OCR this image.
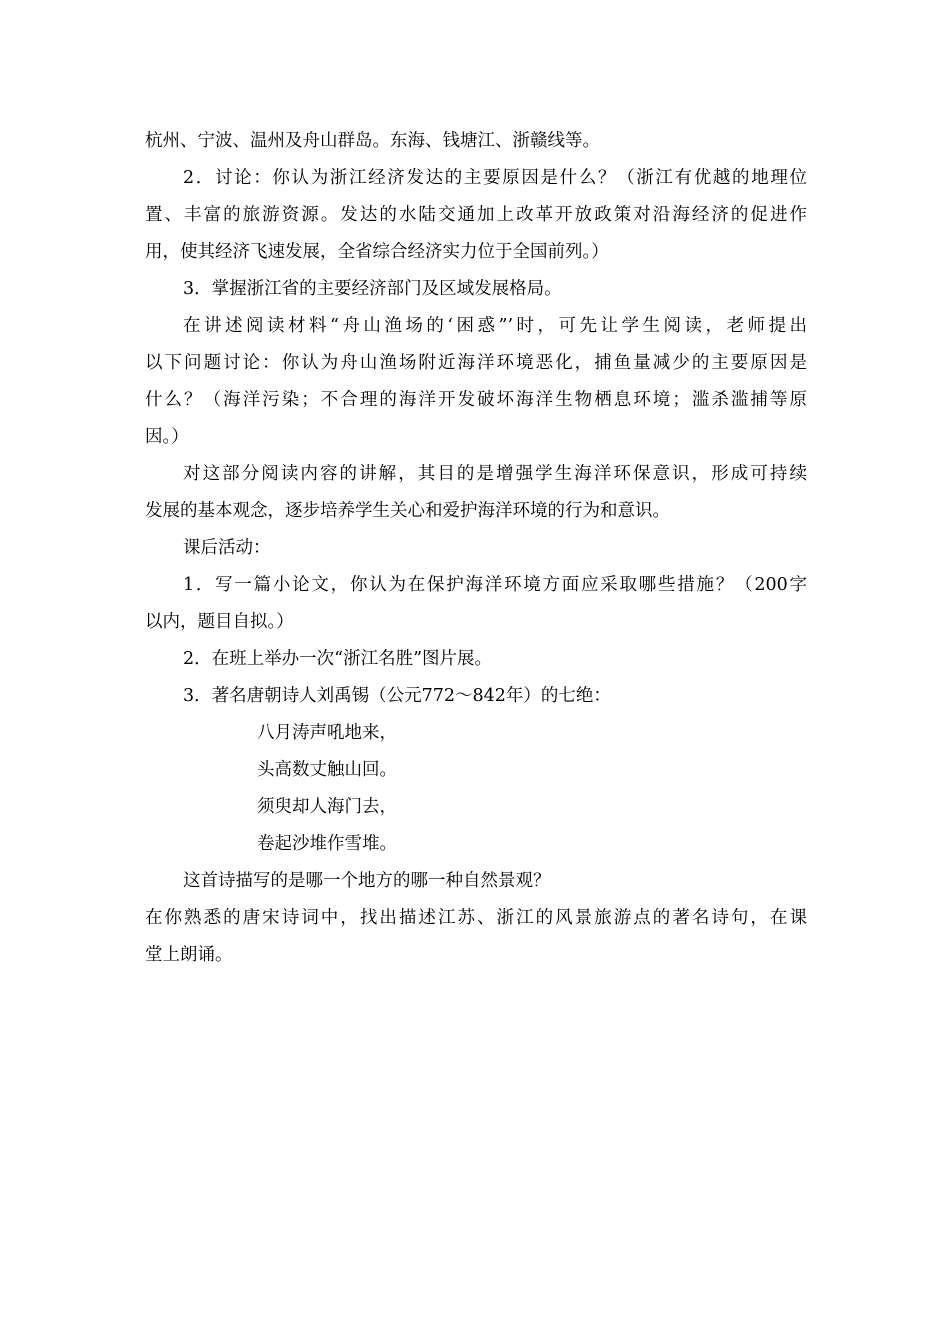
杭州、宁波、温州及舟山群岛。东海、钱塘江、浙赣线等。
2．讨论：你认为浙江经济发达的主要原因是什么？（浙江有优越的地理位
置、丰富的旅游资源。发达的水陆交通加上改革开放政策对沿海经济的促进作
用，使其经济飞速发展，全省综合经济实力位于全国前列。）
3．掌握浙江省的主要经济部门及区域发展格局。
在讲述阅读材料“舟山渔场的‘困惑”’时，可先让学生阅读，老师提出
以下问题讨论：你认为舟山渔场附近海洋环境恶化，捕鱼量减少的主要原因是
什么？（海洋污染；不合理的海洋开发破坏海洋生物栖息环境；滥杀滥捕等原
因。）
对这部分阅读内容的讲解，其目的是增强学生海洋环保意识，形成可持续
发展的基本观念，逐步培养学生关心和爱护海洋环境的行为和意识。
课后活动：
1．写一篇小论文，你认为在保护海洋环境方面应采取哪些措施？（200字
以内，题目自拟。）
2．在班上举办一次“浙江名胜”图片展。
3．著名唐朝诗人刘禹锡（公元772～842年）的七绝：
八月涛声吼地来，
头高数丈触山回。
须臾却人海门去，
卷起沙堆作雪堆。
这首诗描写的是哪一个地方的哪一种自然景观？
在你熟悉的唐宋诗词中，找出描述江苏、浙江的风景旅游点的著名诗句，在课
堂上朗诵。
